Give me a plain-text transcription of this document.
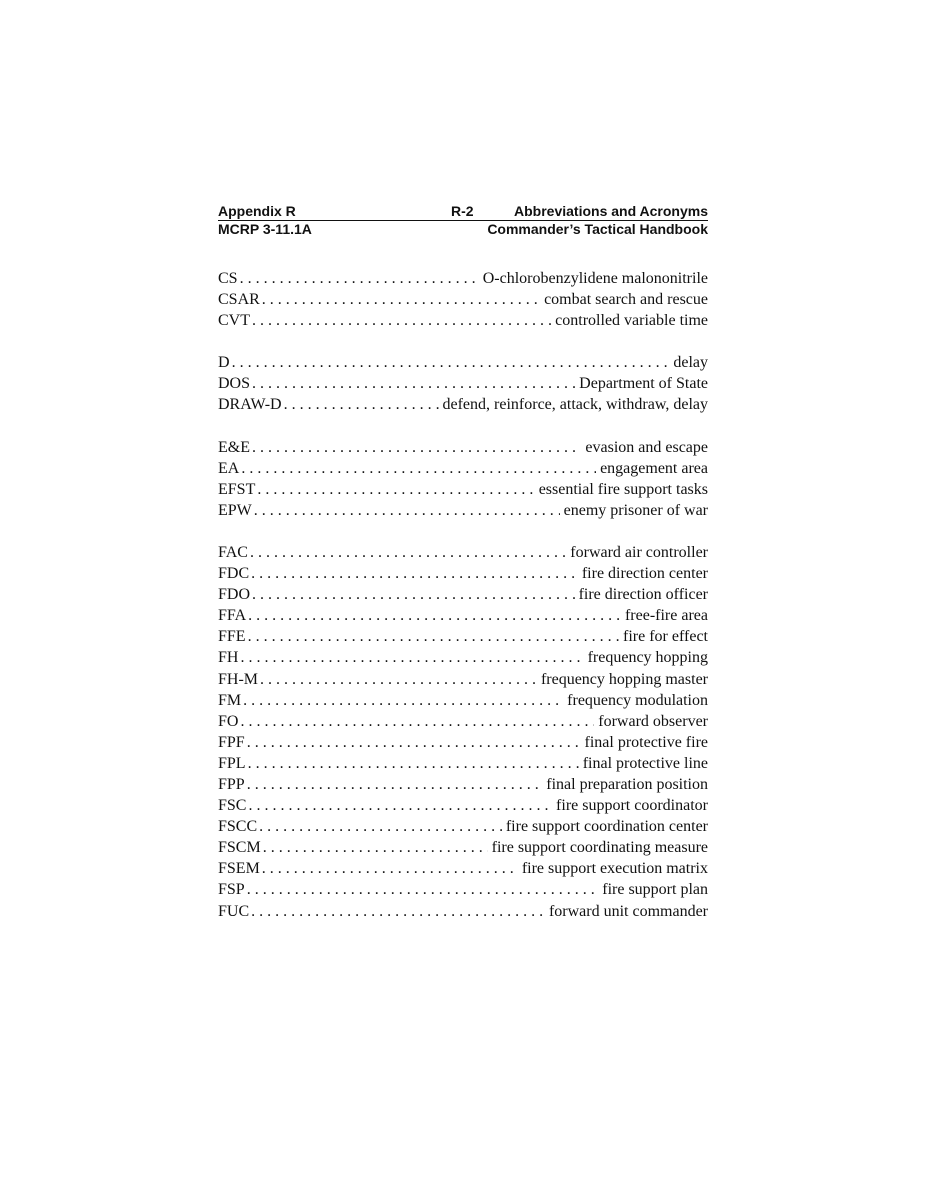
Appendix R	R-2	Abbreviations and Acronyms
MCRP 3-11.1A	Commander’s Tactical Handbook
CS . . .	O-chlorobenzylidene malononitrile
CSAR . . .	combat search and rescue
CVT . . .	controlled variable time
D . . .	delay
DOS . . .	Department of State
DRAW-D . . .	defend, reinforce, attack, withdraw, delay
E&E . . .	evasion and escape
EA . . .	engagement area
EFST . . .	essential fire support tasks
EPW . . .	enemy prisoner of war
FAC . . .	forward air controller
FDC . . .	fire direction center
FDO . . .	fire direction officer
FFA . . .	free-fire area
FFE . . .	fire for effect
FH . . .	frequency hopping
FH-M . . .	frequency hopping master
FM . . .	frequency modulation
FO . . .	forward observer
FPF . . .	final protective fire
FPL . . .	final protective line
FPP . . .	final preparation position
FSC . . .	fire support coordinator
FSCC . . .	fire support coordination center
FSCM . . .	fire support coordinating measure
FSEM . . .	fire support execution matrix
FSP . . .	fire support plan
FUC . . .	forward unit commander
